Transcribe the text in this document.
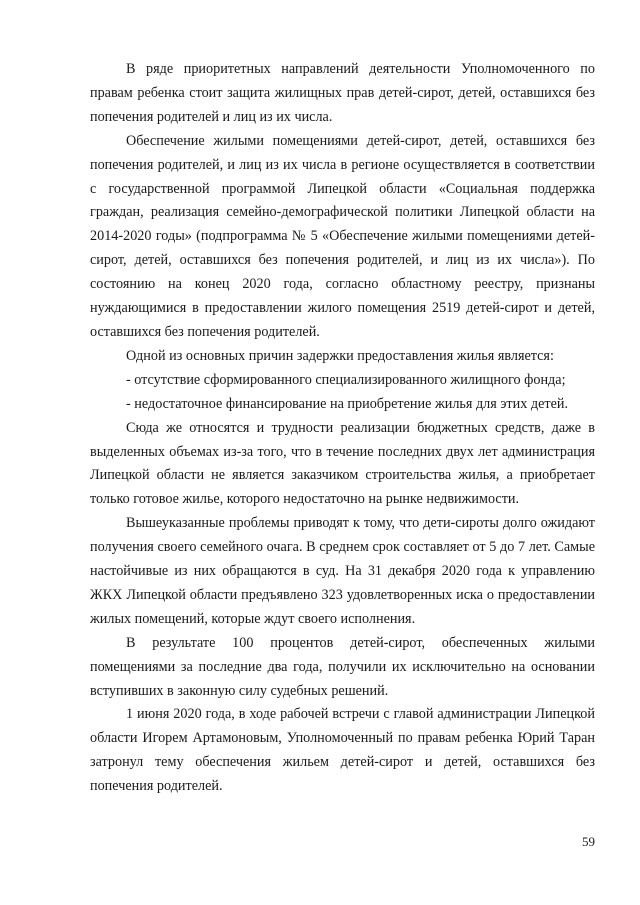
В ряде приоритетных направлений деятельности Уполномоченного по правам ребенка стоит защита жилищных прав детей-сирот, детей, оставшихся без попечения родителей и лиц из их числа.

Обеспечение жилыми помещениями детей-сирот, детей, оставшихся без попечения родителей, и лиц из их числа в регионе осуществляется в соответствии с государственной программой Липецкой области «Социальная поддержка граждан, реализация семейно-демографической политики Липецкой области на 2014-2020 годы» (подпрограмма № 5 «Обеспечение жилыми помещениями детей-сирот, детей, оставшихся без попечения родителей, и лиц из их числа»). По состоянию на конец 2020 года, согласно областному реестру, признаны нуждающимися в предоставлении жилого помещения 2519 детей-сирот и детей, оставшихся без попечения родителей.

Одной из основных причин задержки предоставления жилья является:

- отсутствие сформированного специализированного жилищного фонда;

- недостаточное финансирование на приобретение жилья для этих детей.

Сюда же относятся и трудности реализации бюджетных средств, даже в выделенных объемах из-за того, что в течение последних двух лет администрация Липецкой области не является заказчиком строительства жилья, а приобретает только готовое жилье, которого недостаточно на рынке недвижимости.

Вышеуказанные проблемы приводят к тому, что дети-сироты долго ожидают получения своего семейного очага. В среднем срок составляет от 5 до 7 лет. Самые настойчивые из них обращаются в суд. На 31 декабря 2020 года к управлению ЖКХ Липецкой области предъявлено 323 удовлетворенных иска о предоставлении жилых помещений, которые ждут своего исполнения.

В результате 100 процентов детей-сирот, обеспеченных жилыми помещениями за последние два года, получили их исключительно на основании вступивших в законную силу судебных решений.

1 июня 2020 года, в ходе рабочей встречи с главой администрации Липецкой области Игорем Артамоновым, Уполномоченный по правам ребенка Юрий Таран затронул тему обеспечения жильем детей-сирот и детей, оставшихся без попечения родителей.

59
